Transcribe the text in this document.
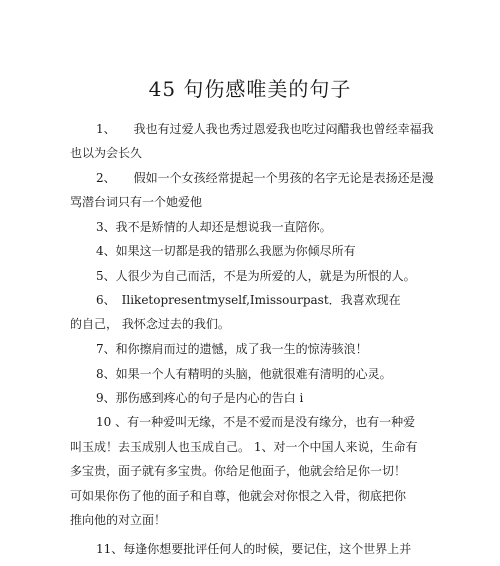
45 句伤感唯美的句子
1、　　我也有过爱人我也秀过恩爱我也吃过闷醋我也曾经幸福我
也以为会长久
2、　　假如一个女孩经常提起一个男孩的名字无论是表扬还是漫
骂潜台词只有一个她爱他
3、我不是矫情的人却还是想说我一直陪你。
4、如果这一切都是我的错那么我愿为你倾尽所有
5、人很少为自己而活，不是为所爱的人，就是为所恨的人。
6、　Iliketopresentmyself,Imissourpast．我喜欢现在
的自己， 我怀念过去的我们。
7、和你擦肩而过的遗憾，成了我一生的惊涛骇浪！
8、如果一个人有精明的头脑，他就很难有清明的心灵。
9、那伤感到疼心的句子是内心的告白 i
10 、有一种爱叫无缘，不是不爱而是没有缘分，也有一种爱
叫玉成！去玉成别人也玉成自己。 1、对一个中国人来说，生命有
多宝贵，面子就有多宝贵。你给足他面子，他就会给足你一切！
可如果你伤了他的面子和自尊，他就会对你恨之入骨，彻底把你
推向他的对立面！
11、每逢你想要批评任何人的时候，要记住，这个世界上并
